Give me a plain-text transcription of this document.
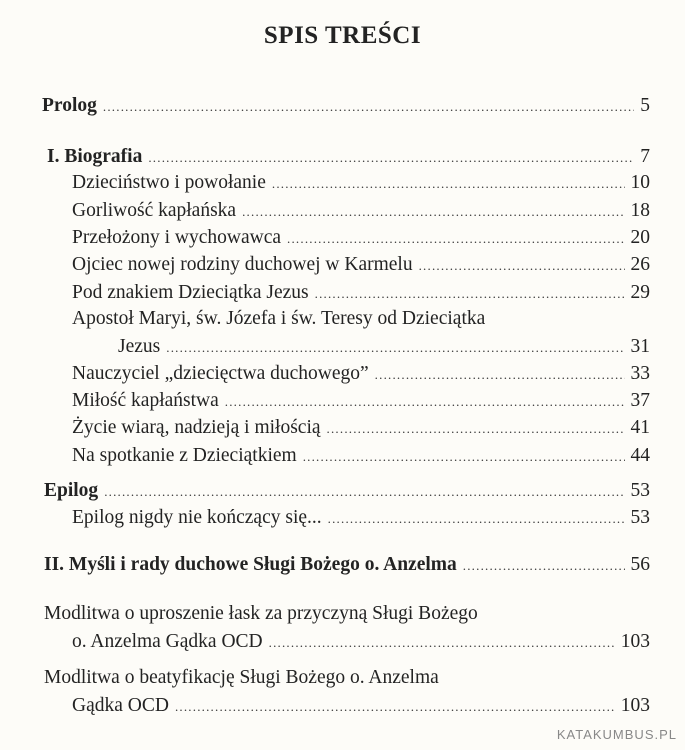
SPIS TREŚCI
Prolog .....	5
I. Biografia .....	7
Dzieciństwo i powołanie .....	10
Gorliwość kapłańska .....	18
Przełożony i wychowawca .....	20
Ojciec nowej rodziny duchowej w Karmelu .....	26
Pod znakiem Dzieciątka Jezus .....	29
Apostoł Maryi, św. Józefa i św. Teresy od Dzieciątka
Jezus .....	31
Nauczyciel „dziecięctwa duchowego” .....	33
Miłość kapłaństwa .....	37
Życie wiarą, nadzieją i miłością .....	41
Na spotkanie z Dzieciątkiem .....	44
Epilog .....	53
Epilog nigdy nie kończący się... .....	53
II. Myśli i rady duchowe Sługi Bożego o. Anzelma .....	56
Modlitwa o uproszenie łask za przyczyną Sługi Bożego
o. Anzelma Gądka OCD .....	103
Modlitwa o beatyfikację Sługi Bożego o. Anzelma
Gądka OCD .....	103
KATAKUMBUS.PL
